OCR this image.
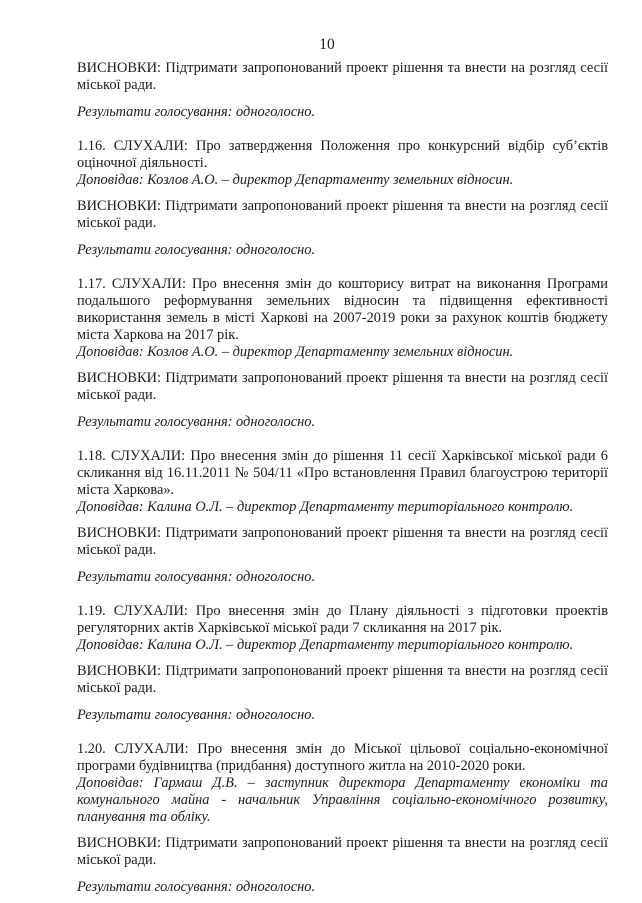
10

ВИСНОВКИ: Підтримати запропонований проект рішення та внести на розгляд сесії міської ради.

Результати голосування: одноголосно.

1.16. СЛУХАЛИ: Про затвердження Положення про конкурсний відбір суб’єктів оціночної діяльності.

Доповідав: Козлов А.О. – директор Департаменту земельних відносин.

ВИСНОВКИ: Підтримати запропонований проект рішення та внести на розгляд сесії міської ради.

Результати голосування: одноголосно.

1.17. СЛУХАЛИ: Про внесення змін до кошторису витрат на виконання Програми подальшого реформування земельних відносин та підвищення ефективності використання земель в місті Харкові на 2007-2019 роки за рахунок коштів бюджету міста Харкова на 2017 рік.

Доповідав: Козлов А.О. – директор Департаменту земельних відносин.

ВИСНОВКИ: Підтримати запропонований проект рішення та внести на розгляд сесії міської ради.

Результати голосування: одноголосно.

1.18. СЛУХАЛИ: Про внесення змін до рішення 11 сесії Харківської міської ради 6 скликання від 16.11.2011 № 504/11 «Про встановлення Правил благоустрою території міста Харкова».

Доповідав: Калина О.Л. – директор Департаменту територіального контролю.

ВИСНОВКИ: Підтримати запропонований проект рішення та внести на розгляд сесії міської ради.

Результати голосування: одноголосно.

1.19. СЛУХАЛИ: Про внесення змін до Плану діяльності з підготовки проектів регуляторних актів Харківської міської ради 7 скликання на 2017 рік.

Доповідав: Калина О.Л. – директор Департаменту територіального контролю.

ВИСНОВКИ: Підтримати запропонований проект рішення та внести на розгляд сесії міської ради.

Результати голосування: одноголосно.

1.20. СЛУХАЛИ: Про внесення змін до Міської цільової соціально-економічної програми будівництва (придбання) доступного житла на 2010-2020 роки.

Доповідав: Гармаш Д.В. – заступник директора Департаменту економіки та комунального майна - начальник Управління соціально-економічного розвитку, планування та обліку.

ВИСНОВКИ: Підтримати запропонований проект рішення та внести на розгляд сесії міської ради.

Результати голосування: одноголосно.
